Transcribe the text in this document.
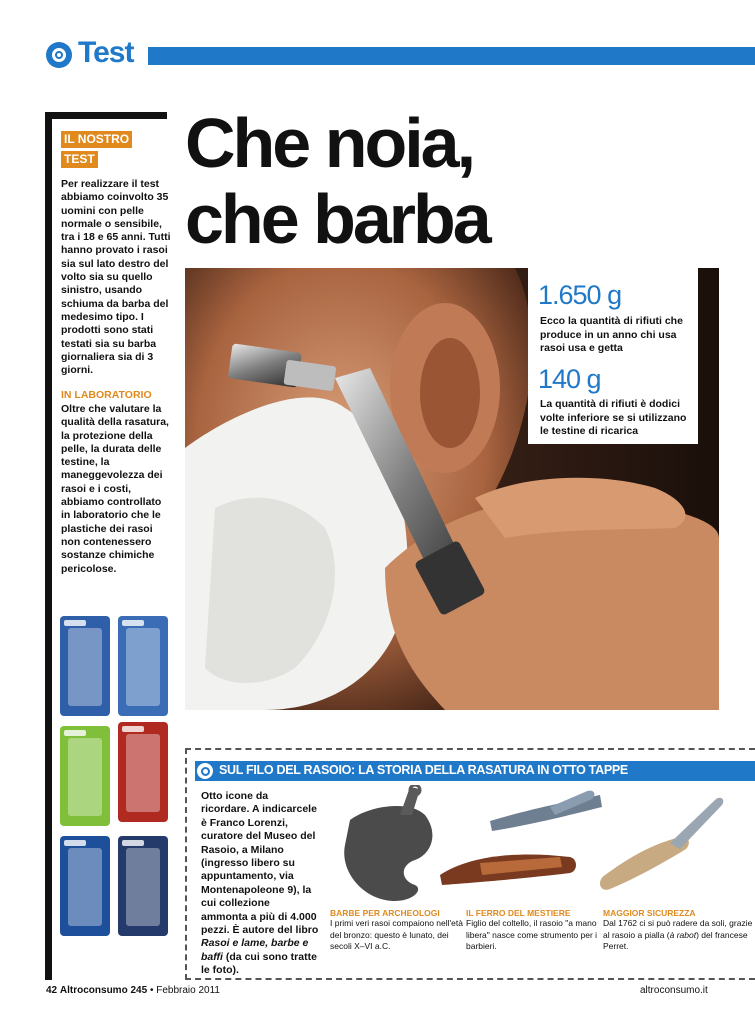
Test
IL NOSTRO
TEST
Per realizzare il test abbiamo coinvolto 35 uomini con pelle normale o sensibile, tra i 18 e 65 anni. Tutti hanno provato i rasoi sia sul lato destro del volto sia su quello sinistro, usando schiuma da barba del medesimo tipo. I prodotti sono stati testati sia su barba giornaliera sia di 3 giorni.
IN LABORATORIO
Oltre che valutare la qualità della rasatura, la protezione della pelle, la durata delle testine, la maneggevolezza dei rasoi e i costi, abbiamo controllato in laboratorio che le plastiche dei rasoi non contenessero sostanze chimiche pericolose.
Che noia,
che barba
1.650 g
Ecco la quantità di rifiuti che produce in un anno chi usa rasoi usa e getta
140 g
La quantità di rifiuti è dodici volte inferiore se si utilizzano le testine di ricarica
SUL FILO DEL RASOIO: LA STORIA DELLA RASATURA IN OTTO TAPPE
Otto icone da ricordare. A indicarcele è Franco Lorenzi, curatore del Museo del Rasoio, a Milano (ingresso libero su appuntamento, via Montenapoleone 9), la cui collezione ammonta a più di 4.000 pezzi. È autore del libro Rasoi e lame, barbe e baffi (da cui sono tratte le foto).
BARBE PER ARCHEOLOGI
I primi veri rasoi compaiono nell'età del bronzo: questo è lunato, dei secoli X–VI a.C.
IL FERRO DEL MESTIERE
Figlio del coltello, il rasoio "a mano libera" nasce come strumento per i barbieri.
MAGGIOR SICUREZZA
Dal 1762 ci si può radere da soli, grazie al rasoio a pialla (à rabot) del francese Perret.
42 Altroconsumo 245 • Febbraio 2011	altroconsumo.it
